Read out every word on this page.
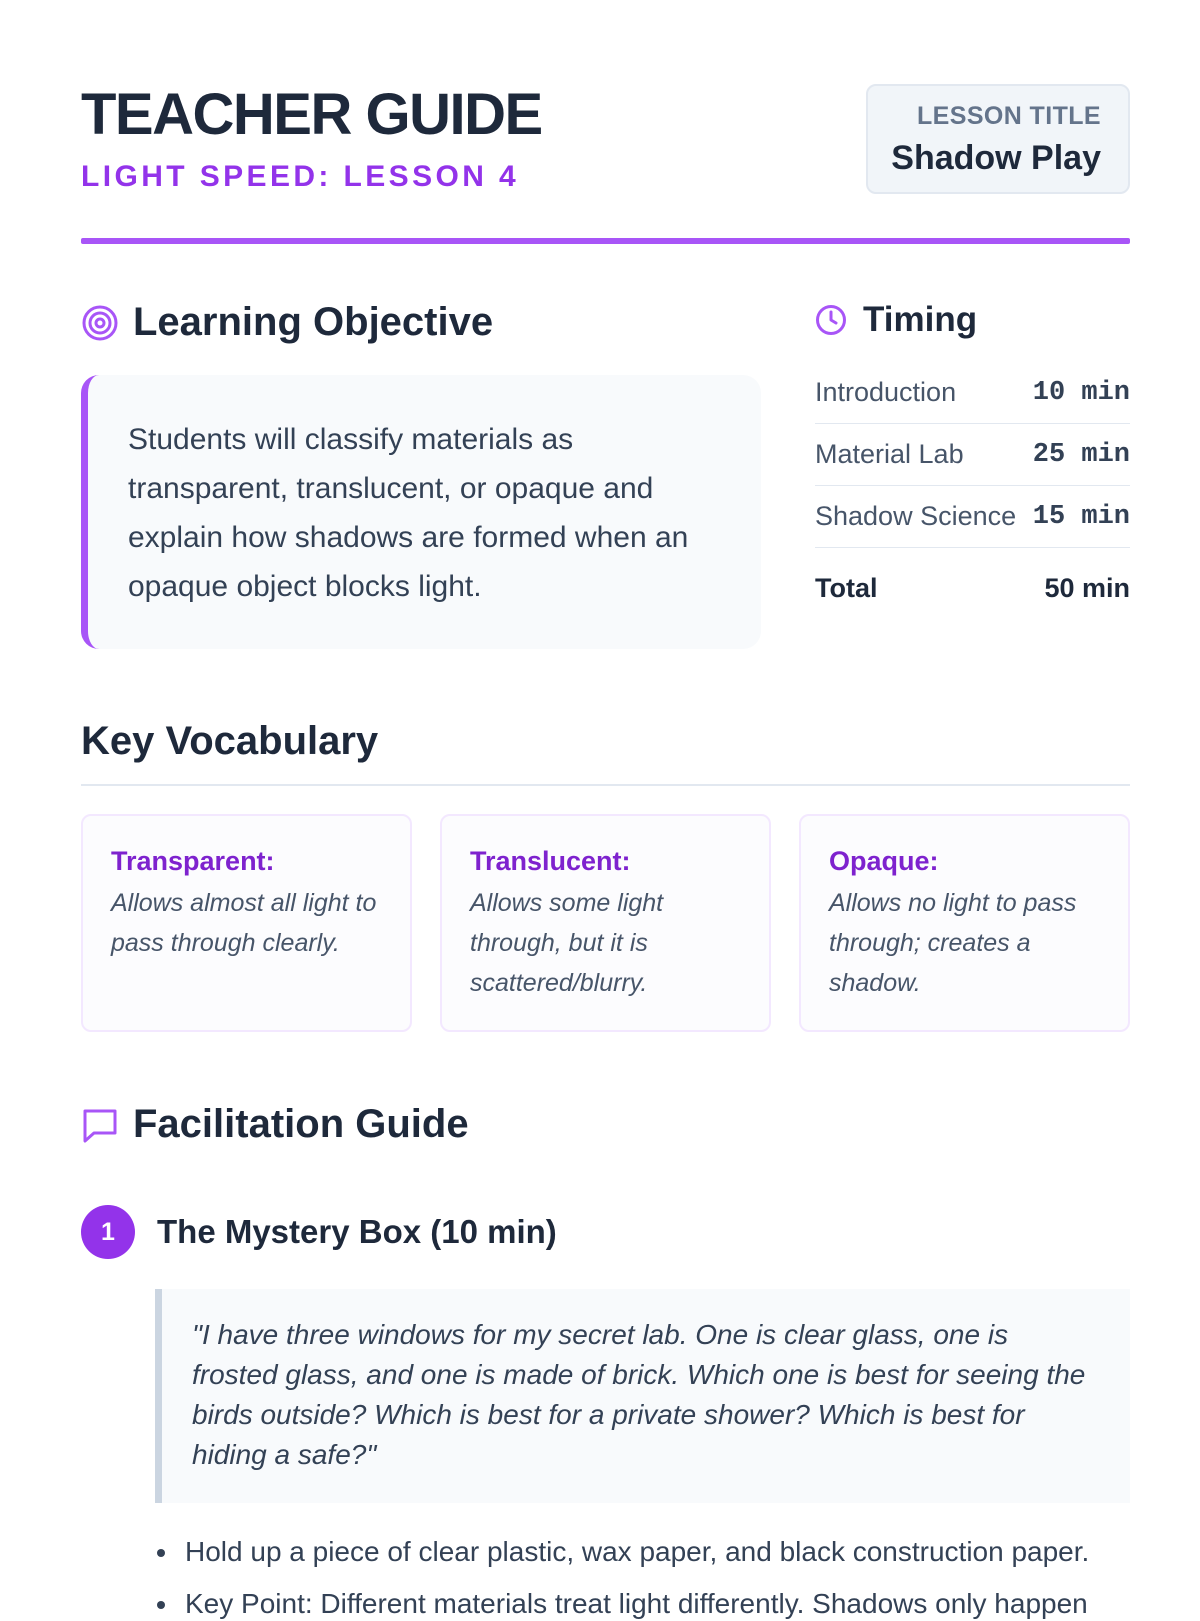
TEACHER GUIDE
LIGHT SPEED: LESSON 4
LESSON TITLE
Shadow Play
Learning Objective
Students will classify materials as transparent, translucent, or opaque and explain how shadows are formed when an opaque object blocks light.
Timing
Introduction	10 min
Material Lab	25 min
Shadow Science 15 min
Total	50 min
Key Vocabulary
Transparent:
Allows almost all light to pass through clearly.
Translucent:
Allows some light through, but it is scattered/blurry.
Opaque:
Allows no light to pass through; creates a shadow.
Facilitation Guide
1	The Mystery Box (10 min)
"I have three windows for my secret lab. One is clear glass, one is frosted glass, and one is made of brick. Which one is best for seeing the birds outside? Which is best for a private shower? Which is best for hiding a safe?"
Hold up a piece of clear plastic, wax paper, and black construction paper.
Key Point: Different materials treat light differently. Shadows only happen
